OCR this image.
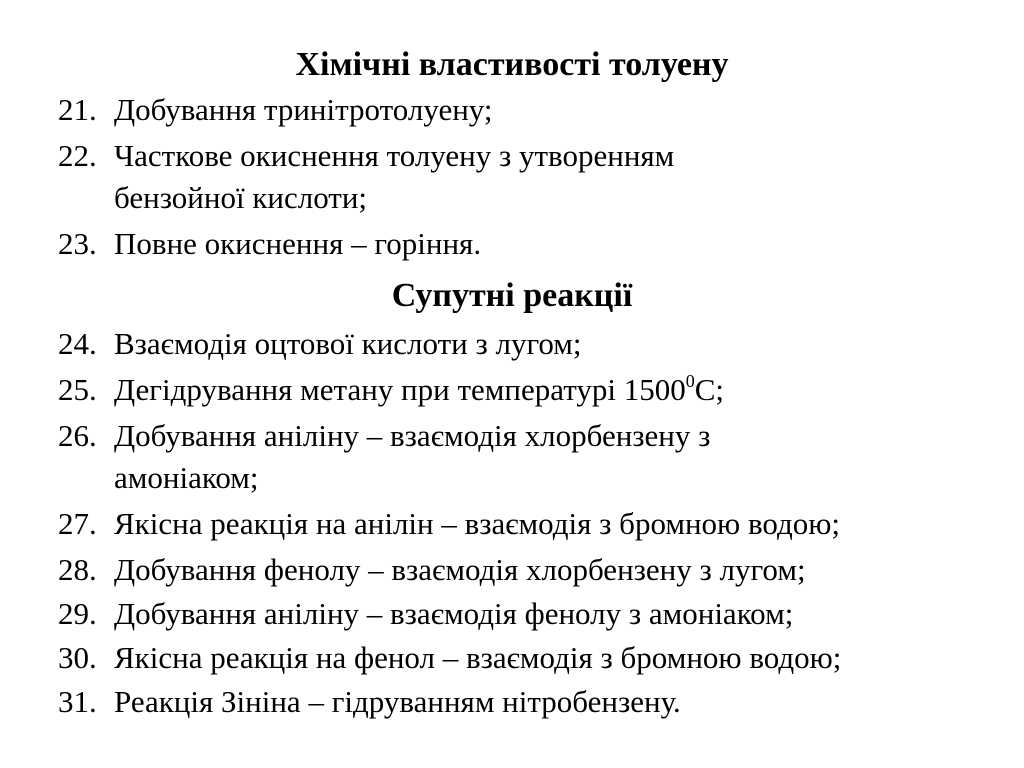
Хімічні властивості толуену
21. Добування тринітротолуену;
22. Часткове окиснення толуену з утворенням
бензойної кислоти;
23. Повне окиснення – горіння.
Супутні реакції
24. Взаємодія оцтової кислоти з лугом;
25. Дегідрування метану при температурі 1500$^0$С;
26. Добування аніліну – взаємодія хлорбензену з
амоніаком;
27. Якісна реакція на анілін – взаємодія з бромною водою;
28. Добування фенолу – взаємодія хлорбензену з лугом;
29. Добування аніліну – взаємодія фенолу з амоніаком;
30. Якісна реакція на фенол – взаємодія з бромною водою;
31. Реакція Зініна – гідруванням нітробензену.
